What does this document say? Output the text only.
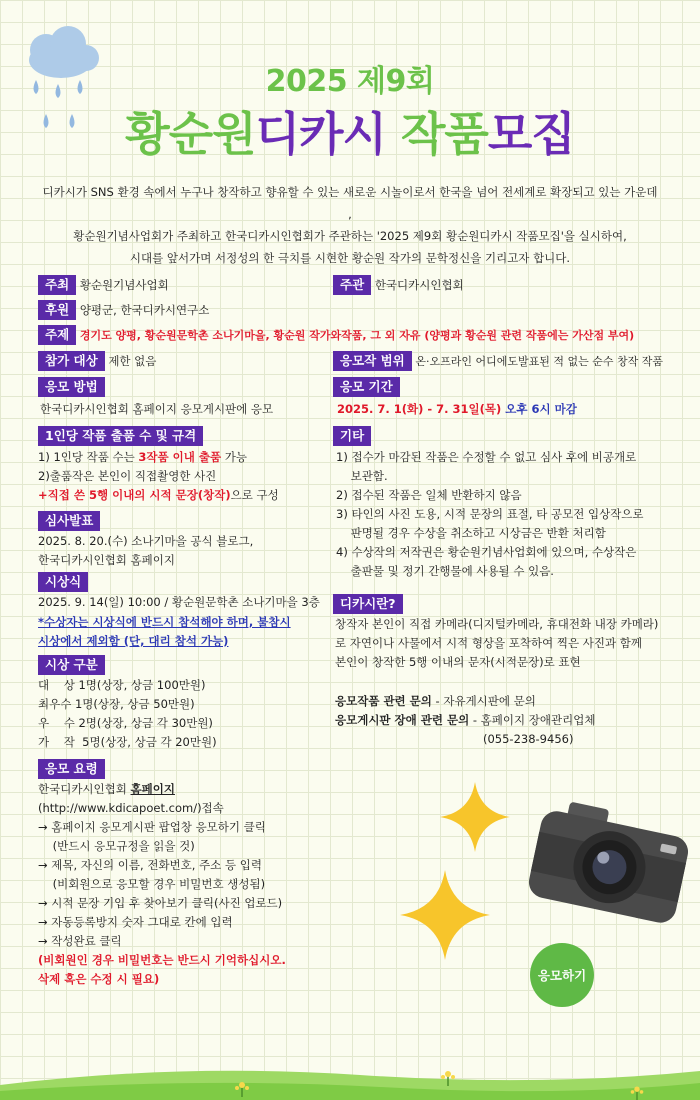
2025 제9회
황순원디카시 작품모집
디카시가 SNS 환경 속에서 누구나 창작하고 향유할 수 있는 새로운 시놀이로서 한국을 넘어 전세계로 확장되고 있는 가운데 ,
황순원기념사업회가 주최하고 한국디카시인협회가 주관하는 '2025 제9회 황순원디카시 작품모집'을 실시하여,
시대를 앞서가며 서정성의 한 극치를 시현한 황순원 작가의 문학정신을 기리고자 합니다.
주최 황순원기념사업회	주관 한국디카시인협회
후원 양평군, 한국디카시연구소
주제 경기도 양평, 황순원문학촌 소나기마을, 황순원 작가와작품, 그 외 자유 (양평과 황순원 관련 작품에는 가산점 부여)
참가 대상 제한 없음	응모작 범위 온·오프라인 어디에도발표된 적 없는 순수 창작 작품
응모 방법
한국디카시인협회 홈페이지 응모게시판에 응모
응모 기간
2025. 7. 1(화) - 7. 31일(목) 오후 6시 마감
1인당 작품 출품 수 및 규격
1) 1인당 작품 수는 3작품 이내 출품 가능
2)출품작은 본인이 직접촬영한 사진
+직접 쓴 5행 이내의 시적 문장(창작)으로 구성
기타
1) 접수가 마감된 작품은 수정할 수 없고 심사 후에 비공개로
보관함.
2) 접수된 작품은 일체 반환하지 않음
3) 타인의 사진 도용, 시적 문장의 표절, 타 공모전 입상작으로
판명될 경우 수상을 취소하고 시상금은 반환 처리함
4) 수상작의 저작권은 황순원기념사업회에 있으며, 수상작은
출판물 및 정기 간행물에 사용될 수 있음.
심사발표
2025. 8. 20.(수) 소나기마을 공식 블로그,
한국디카시인협회 홈페이지
시상식
2025. 9. 14(일) 10:00 / 황순원문학촌 소나기마을 3층
*수상자는 시상식에 반드시 참석해야 하며, 불참시
시상에서 제외함 (단, 대리 참석 가능)
디카시란?
창작자 본인이 직접 카메라(디지털카메라, 휴대전화 내장 카메라)
로 자연이나 사물에서 시적 형상을 포착하여 찍은 사진과 함께
본인이 창작한 5행 이내의 문자(시적문장)로 표현
시상 구분
대    상 1명(상장, 상금 100만원)
최우수 1명(상장, 상금 50만원)
우    수 2명(상장, 상금 각 30만원)
가    작  5명(상장, 상금 각 20만원)
응모작품 관련 문의 - 자유게시판에 문의
응모게시판 장애 관련 문의 - 홈페이지 장애관리업체
(055-238-9456)
응모 요령
한국디카시인협회 홈페이지
(http://www.kdicapoet.com/)접속
→ 홈페이지 응모게시판 팝업창 응모하기 클릭
(반드시 응모규정을 읽을 것)
→ 제목, 자신의 이름, 전화번호, 주소 등 입력
(비회원으로 응모할 경우 비밀번호 생성됨)
→ 시적 문장 기입 후 찾아보기 클릭(사진 업로드)
→ 자동등록방지 숫자 그대로 칸에 입력
→ 작성완료 클릭
(비회원인 경우 비밀번호는 반드시 기억하십시오.
삭제 혹은 수정 시 필요)	응모하기
